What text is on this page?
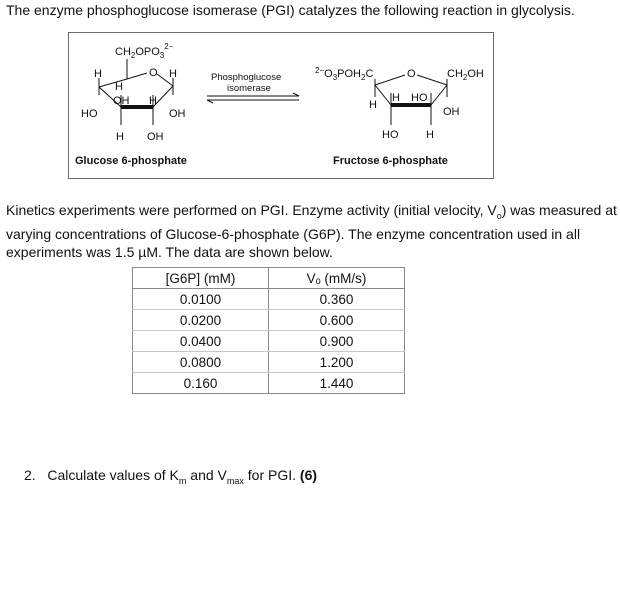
The enzyme phosphoglucose isomerase (PGI) catalyzes the following reaction in glycolysis.
$CH_2OPO_3^{2-}$
O
H	H
H
OH H
HO	OH
H OH
Glucose 6-phosphate
Phosphoglucose
isomerase
$^{2-}O_3POH_2C$	$CH_2OH$
O
H
H HO
OH
HO	H
Fructose 6-phosphate
Kinetics experiments were performed on PGI. Enzyme activity (initial velocity, $V_o$) was measured at varying concentrations of Glucose-6-phosphate (G6P). The enzyme concentration used in all experiments was 1.5 µM. The data are shown below.
[G6P] (mM)	Vₒ (mM/s)
0.0100	0.360
0.0200	0.600
0.0400	0.900
0.0800	1.200
0.160	1.440
2. Calculate values of $K_m$ and $V_{max}$ for PGI. (6)
